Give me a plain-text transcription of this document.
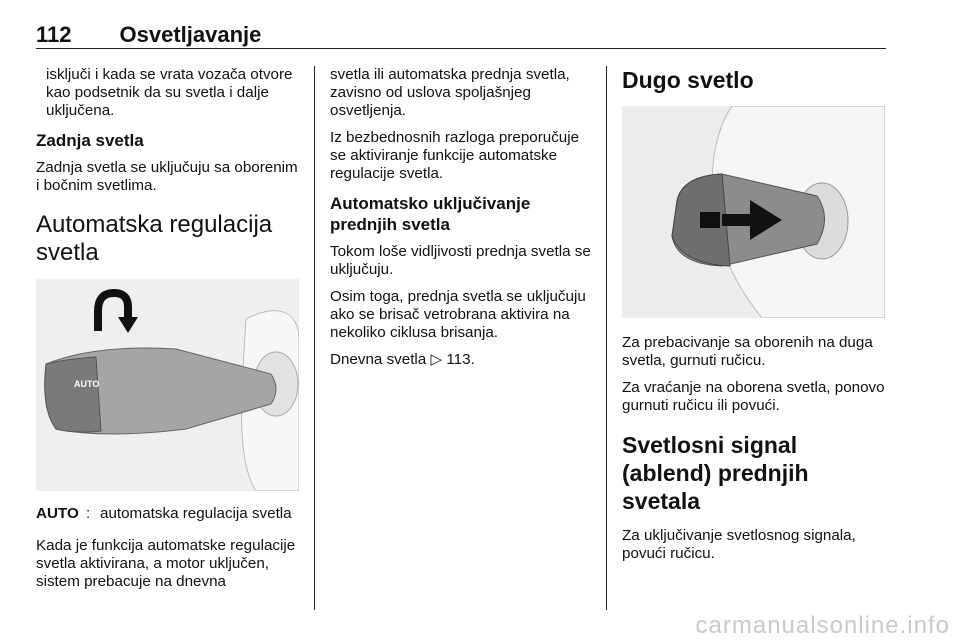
112 Osvetljavanje

isključi i kada se vrata vozača otvore kao podsetnik da su svetla i dalje uključena.

Zadnja svetla

Zadnja svetla se uključuju sa oborenim i bočnim svetlima.

Automatska regulacija svetla
AUTO
AUTO : automatska regulacija svetla

Kada je funkcija automatske regulacije svetla aktivirana, a motor uključen, sistem prebacuje na dnevna

svetla ili automatska prednja svetla, zavisno od uslova spoljašnjeg osvetljenja.

Iz bezbednosnih razloga preporučuje se aktiviranje funkcije automatske regulacije svetla.

Automatsko uključivanje prednjih svetla

Tokom loše vidljivosti prednja svetla se uključuju.

Osim toga, prednja svetla se uključuju ako se brisač vetrobrana aktivira na nekoliko ciklusa brisanja.

Dnevna svetla ▷ 113.

Dugo svetlo

Za prebacivanje sa oborenih na duga svetla, gurnuti ručicu.

Za vraćanje na oborena svetla, ponovo gurnuti ručicu ili povući.

Svetlosni signal (ablend) prednjih svetala

Za uključivanje svetlosnog signala, povući ručicu.

carmanualsonline.info
